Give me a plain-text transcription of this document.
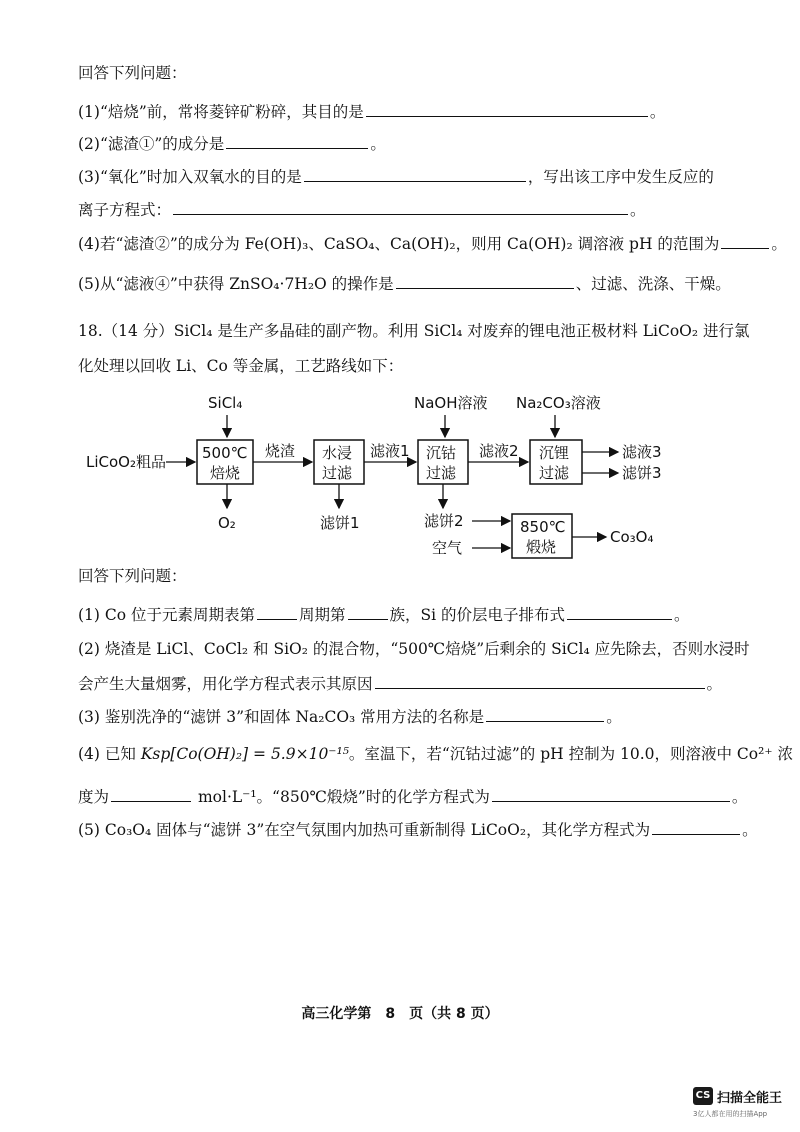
回答下列问题：
(1)“焙烧”前，常将菱锌矿粉碎，其目的是	。
(2)“滤渣①”的成分是	。
(3)“氧化”时加入双氧水的目的是	，写出该工序中发生反应的
离子方程式：	。
(4)若“滤渣②”的成分为 Fe(OH)₃、CaSO₄、Ca(OH)₂，则用 Ca(OH)₂ 调溶液 pH 的范围为	。
(5)从“滤液④”中获得 ZnSO₄·7H₂O 的操作是	、过滤、洗涤、干燥。
18.（14 分）SiCl₄ 是生产多晶硅的副产物。利用 SiCl₄ 对废弃的锂电池正极材料 LiCoO₂ 进行氯
化处理以回收 Li、Co 等金属，工艺路线如下：
SiCl₄	NaOH溶液 Na₂CO₃溶液
LiCoO₂粗品 500℃
焙烧
烧渣 水浸
过滤
滤液1 沉钴
过滤
滤液2 沉锂
过滤
滤液3
滤饼3
O₂	滤饼1	滤饼2
空气
850℃
煅烧
Co₃O₄
回答下列问题：
(1) Co 位于元素周期表第	周期第	族，Si 的价层电子排布式	。
(2) 烧渣是 LiCl、CoCl₂ 和 SiO₂ 的混合物，“500℃焙烧”后剩余的 SiCl₄ 应先除去，否则水浸时
会产生大量烟雾，用化学方程式表示其原因	。
(3) 鉴别洗净的“滤饼 3”和固体 Na₂CO₃ 常用方法的名称是	。
(4) 已知 Ksp[Co(OH)₂] = 5.9×10⁻¹⁵。室温下，若“沉钴过滤”的 pH 控制为 10.0，则溶液中 Co²⁺ 浓
度为	mol·L⁻¹。“850℃煅烧”时的化学方程式为	。
(5) Co₃O₄ 固体与“滤饼 3”在空气氛围内加热可重新制得 LiCoO₂，其化学方程式为	。
高三化学第　8　页（共 8 页）
CS 扫描全能王
3亿人都在用的扫描App
